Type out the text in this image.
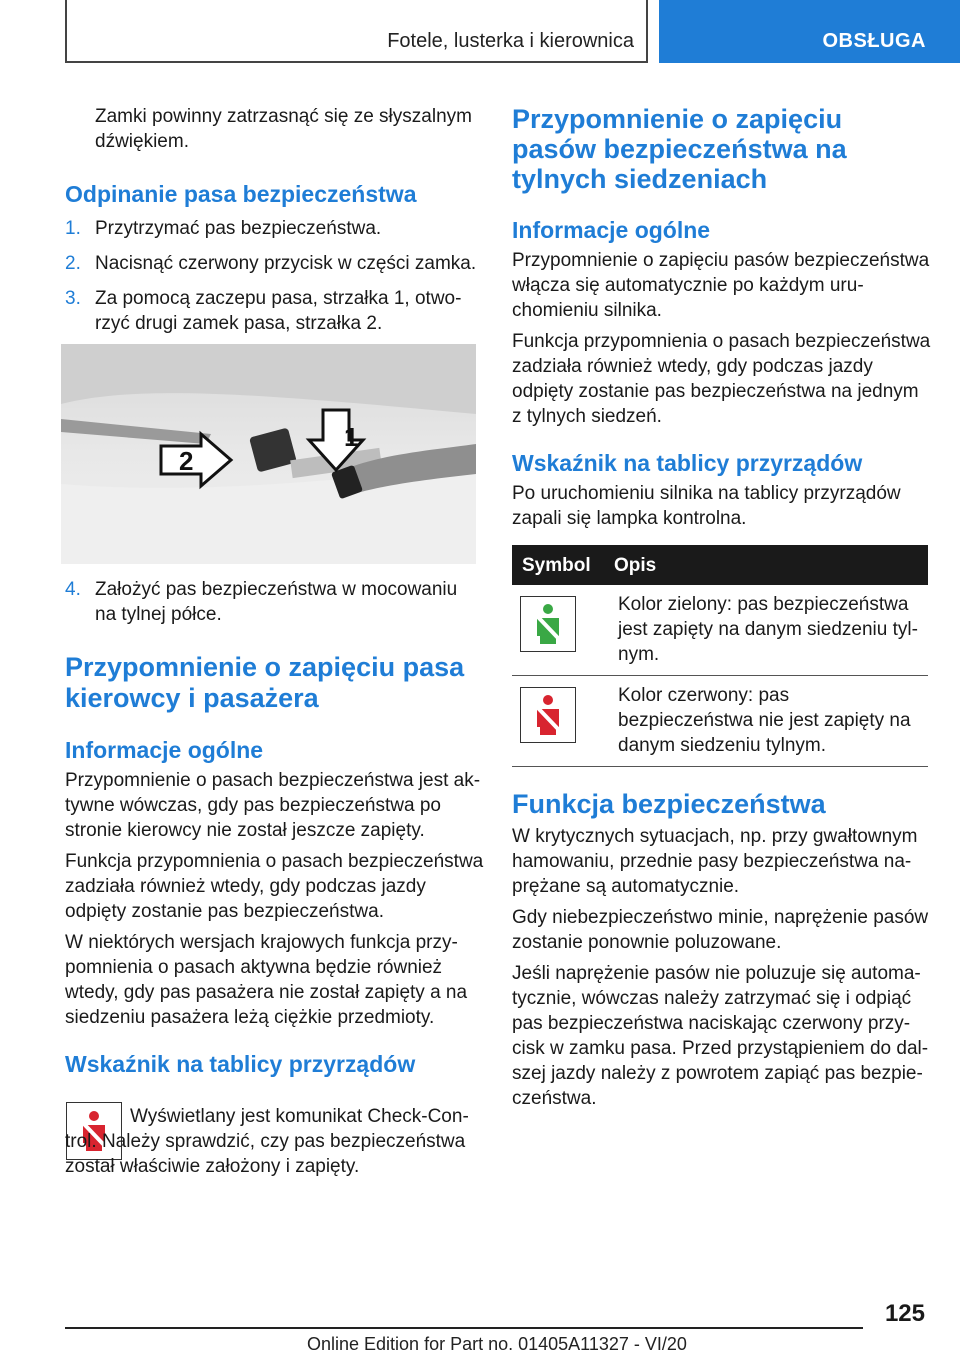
Fotele, lusterka i kierownica	OBSŁUGA

Zamki powinny zatrzasnąć się ze słyszalnym dźwiękiem.

Odpinanie pasa bezpieczeństwa
1. Przytrzymać pas bezpieczeństwa.
2. Nacisnąć czerwony przycisk w części zamka.
3. Za pomocą zaczepu pasa, strzałka 1, otworzyć drugi zamek pasa, strzałka 2.
1
2
4. Założyć pas bezpieczeństwa w mocowaniu na tylnej półce.
Przypomnienie o zapięciu pasa kierowcy i pasażera
Informacje ogólne

Przypomnienie o pasach bezpieczeństwa jest aktywne wówczas, gdy pas bezpieczeństwa po stronie kierowcy nie został jeszcze zapięty.

Funkcja przypomnienia o pasach bezpieczeństwa zadziała również wtedy, gdy podczas jazdy odpięty zostanie pas bezpieczeństwa.

W niektórych wersjach krajowych funkcja przypomnienia o pasach aktywna będzie również wtedy, gdy pas pasażera nie został zapięty a na siedzeniu pasażera leżą ciężkie przedmioty.

Wskaźnik na tablicy przyrządów

Wyświetlany jest komunikat Check-Control. Należy sprawdzić, czy pas bezpieczeństwa został właściwie założony i zapięty.

Przypomnienie o zapięciu pasów bezpieczeństwa na tylnych siedzeniach
Informacje ogólne

Przypomnienie o zapięciu pasów bezpieczeństwa włącza się automatycznie po każdym uruchomieniu silnika.

Funkcja przypomnienia o pasach bezpieczeństwa zadziała również wtedy, gdy podczas jazdy odpięty zostanie pas bezpieczeństwa na jednym z tylnych siedzeń.

Wskaźnik na tablicy przyrządów

Po uruchomieniu silnika na tablicy przyrządów zapali się lampka kontrolna.

Symbol	Opis

	Kolor zielony: pas bezpieczeństwa jest zapięty na danym siedzeniu tylnym.

	Kolor czerwony: pas bezpieczeństwa nie jest zapięty na danym siedzeniu tylnym.
Funkcja bezpieczeństwa

W krytycznych sytuacjach, np. przy gwałtownym hamowaniu, przednie pasy bezpieczeństwa naprężane są automatycznie.

Gdy niebezpieczeństwo minie, naprężenie pasów zostanie ponownie poluzowane.

Jeśli naprężenie pasów nie poluzuje się automatycznie, wówczas należy zatrzymać się i odpiąć pas bezpieczeństwa naciskając czerwony przycisk w zamku pasa. Przed przystąpieniem do dalszej jazdy należy z powrotem zapiąć pas bezpieczeństwa.

125
Online Edition for Part no. 01405A11327 - VI/20
